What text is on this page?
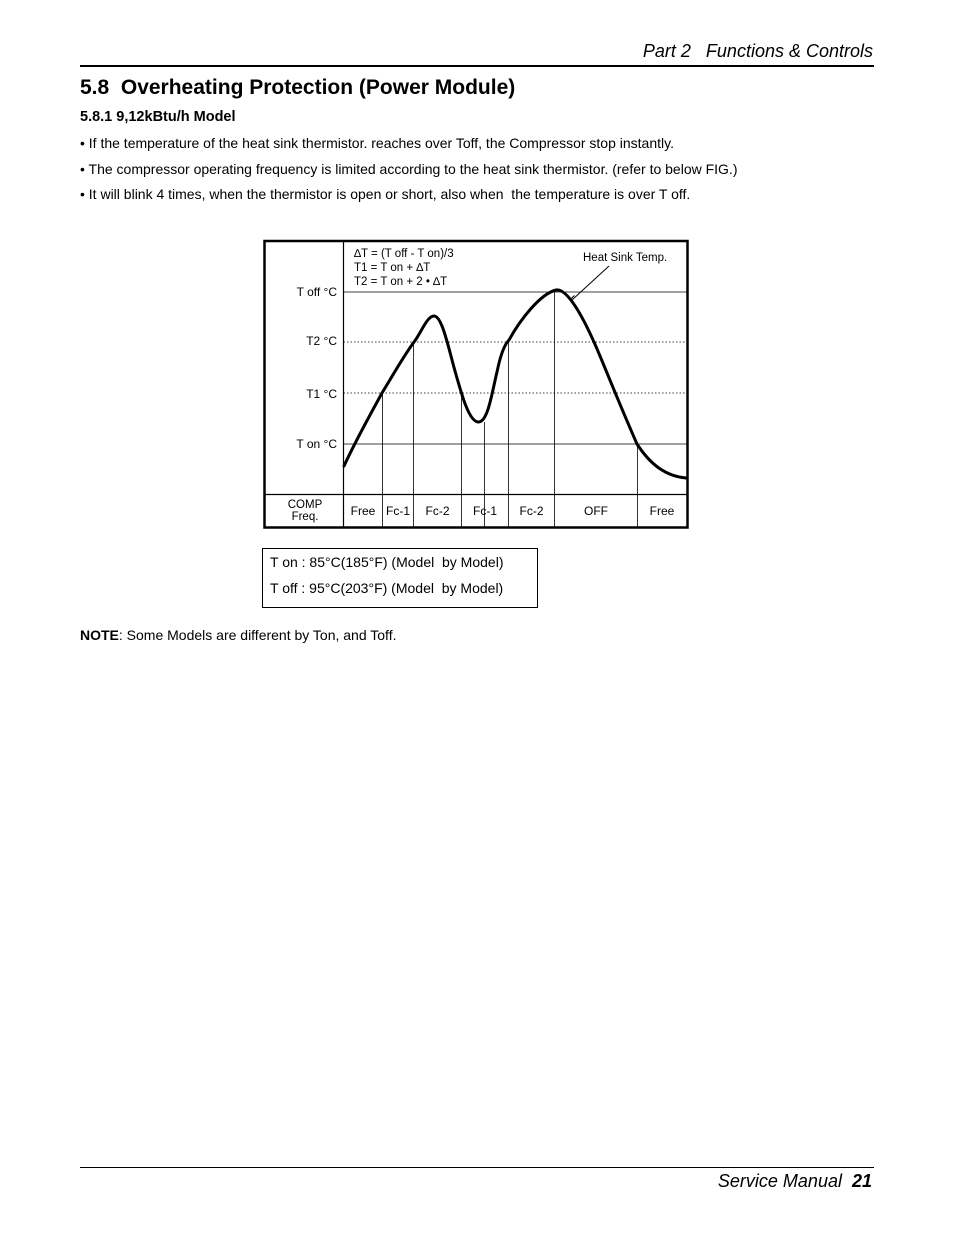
Part 2 Functions & Controls
5.8  Overheating Protection (Power Module)
5.8.1 9,12kBtu/h Model
• If the temperature of the heat sink thermistor. reaches over Toff, the Compressor stop instantly.
• The compressor operating frequency is limited according to the heat sink thermistor. (refer to below FIG.)
• It will blink 4 times, when the thermistor is open or short, also when  the temperature is over T off.
∆T = (T off - T on)/3
T1 = T on + ∆T
T2 = T on + 2 • ∆T
Heat Sink Temp.
T off °C
T2 °C
T1 °C
T on °C
COMP
Freq.	Free Fc-1 Fc-2 Fc-1 Fc-2	OFF	Free
T on : 85°C(185°F) (Model  by Model)
T off : 95°C(203°F) (Model  by Model)
NOTE: Some Models are different by Ton, and Toff.
Service Manual 21
